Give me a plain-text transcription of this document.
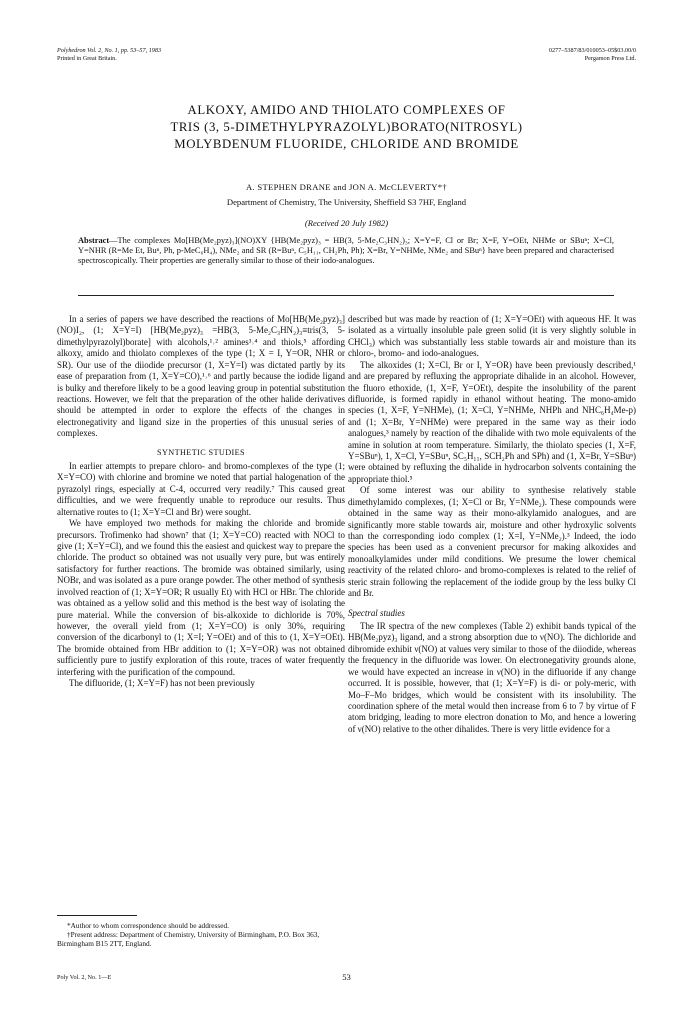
Polyhedron Vol. 2, No. 1, pp. 53–57, 1983
Printed in Great Britain.
0277–5387/83/010053–05$03.00/0
Pergamon Press Ltd.
ALKOXY, AMIDO AND THIOLATO COMPLEXES OF
TRIS (3, 5-DIMETHYLPYRAZOLYL)BORATO(NITROSYL)
MOLYBDENUM FLUORIDE, CHLORIDE AND BROMIDE
A. STEPHEN DRANE and JON A. McCLEVERTY*†
Department of Chemistry, The University, Sheffield S3 7HF, England
(Received 20 July 1982)
Abstract—The complexes Mo[HB(Me₂pyz)₃](NO)XY {HB(Me₂pyz)₃ = HB(3, 5-Me₂C₃HN₂)₃; X=Y=F, Cl or Br; X=F, Y=OEt, NHMe or SBuⁿ; X=Cl, Y=NHR (R=Me Et, Buⁿ, Ph, p-MeC₆H₄), NMe₂ and SR (R=Buⁿ, C₅H₁₁, CH₂Ph, Ph); X=Br, Y=NHMe, NMe₂ and SBuⁿ} have been prepared and characterised spectroscopically. Their properties are generally similar to those of their iodo-analogues.

In a series of papers we have described the reactions of Mo[HB(Me₂pyz)₃](NO)I₂, (1; X=Y=I) [HB(Me₂pyz)₃ =HB(3, 5-Me₂C₃HN₂)₃≡tris(3, 5-dimethylpyrazolyl)borate] with alcohols,¹˒² amines³˒⁴ and thiols,⁵ affording alkoxy, amido and thiolato complexes of the type (1; X = I, Y=OR, NHR or SR). Our use of the diiodide precursor (1, X=Y=I) was dictated partly by its ease of preparation from (1, X=Y=CO),¹˒⁶ and partly because the iodide ligand is bulky and therefore likely to be a good leaving group in potential substitution reactions. However, we felt that the preparation of the other halide derivatives should be attempted in order to explore the effects of the changes in electronegativity and ligand size in the properties of this unusual series of complexes.

SYNTHETIC STUDIES

In earlier attempts to prepare chloro- and bromo-complexes of the type (1; X=Y=CO) with chlorine and bromine we noted that partial halogenation of the pyrazolyl rings, especially at C-4, occurred very readily.⁷ This caused great difficulties, and we were frequently unable to reproduce our results. Thus alternative routes to (1; X=Y=Cl and Br) were sought.

We have employed two methods for making the chloride and bromide precursors. Trofimenko had shown⁷ that (1; X=Y=CO) reacted with NOCl to give (1; X=Y=Cl), and we found this the easiest and quickest way to prepare the chloride. The product so obtained was not usually very pure, but was entirely satisfactory for further reactions. The bromide was obtained similarly, using NOBr, and was isolated as a pure orange powder. The other method of synthesis involved reaction of (1; X=Y=OR; R usually Et) with HCl or HBr. The chloride was obtained as a yellow solid and this method is the best way of isolating the pure material. While the conversion of bis-alkoxide to dichloride is 70%, however, the overall yield from (1; X=Y=CO) is only 30%, requiring conversion of the dicarbonyl to (1; X=I; Y=OEt) and of this to (1, X=Y=OEt). The bromide obtained from HBr addition to (1; X=Y=OR) was not obtained sufficiently pure to justify exploration of this route, traces of water frequently interfering with the purification of the compound.

The difluoride, (1; X=Y=F) has not been previously

described but was made by reaction of (1; X=Y=OEt) with aqueous HF. It was isolated as a virtually insoluble pale green solid (it is very slightly soluble in CHCl₃) which was substantially less stable towards air and moisture than its chloro-, bromo- and iodo-analogues.

The alkoxides (1; X=Cl, Br or I, Y=OR) have been previously described,¹ and are prepared by refluxing the appropriate dihalide in an alcohol. However, the fluoro ethoxide, (1, X=F, Y=OEt), despite the insolubility of the parent difluoride, is formed rapidly in ethanol without heating. The mono-amido species (1, X=F, Y=NHMe), (1; X=Cl, Y=NHMe, NHPh and NHC₆H₄Me-p) and (1; X=Br, Y=NHMe) were prepared in the same way as their iodo analogues,³ namely by reaction of the dihalide with two mole equivalents of the amine in solution at room temperature. Similarly, the thiolato species (1, X=F, Y=SBuⁿ), 1, X=Cl, Y=SBuⁿ, SC₅H₁₁, SCH₂Ph and SPh) and (1, X=Br, Y=SBuⁿ) were obtained by refluxing the dihalide in hydrocarbon solvents containing the appropriate thiol.⁵

Of some interest was our ability to synthesise relatively stable dimethylamido complexes, (1; X=Cl or Br, Y=NMe₂). These compounds were obtained in the same way as their mono-alkylamido analogues, and are significantly more stable towards air, moisture and other hydroxylic solvents than the corresponding iodo complex (1; X=I, Y=NMe₂).³ Indeed, the iodo species has been used as a convenient precursor for making alkoxides and monoalkylamides under mild conditions. We presume the lower chemical reactivity of the related chloro- and bromo-complexes is related to the relief of steric strain following the replacement of the iodide group by the less bulky Cl and Br.

Spectral studies

The IR spectra of the new complexes (Table 2) exhibit bands typical of the HB(Me₂pyz)₃ ligand, and a strong absorption due to ν(NO). The dichloride and dibromide exhibit ν(NO) at values very similar to those of the diiodide, whereas the frequency in the difluoride was lower. On electronegativity grounds alone, we would have expected an increase in ν(NO) in the difluoride if any change occurred. It is possible, however, that (1; X=Y=F) is di- or poly-meric, with Mo–F–Mo bridges, which would be consistent with its insolubility. The coordination sphere of the metal would then increase from 6 to 7 by virtue of F atom bridging, leading to more electron donation to Mo, and hence a lowering of ν(NO) relative to the other dihalides. There is very little evidence for a

*Author to whom correspondence should be addressed.
†Present address: Department of Chemistry, University of Birmingham, P.O. Box 363, Birmingham B15 2TT, England.
Poly Vol. 2, No. 1—E	53
